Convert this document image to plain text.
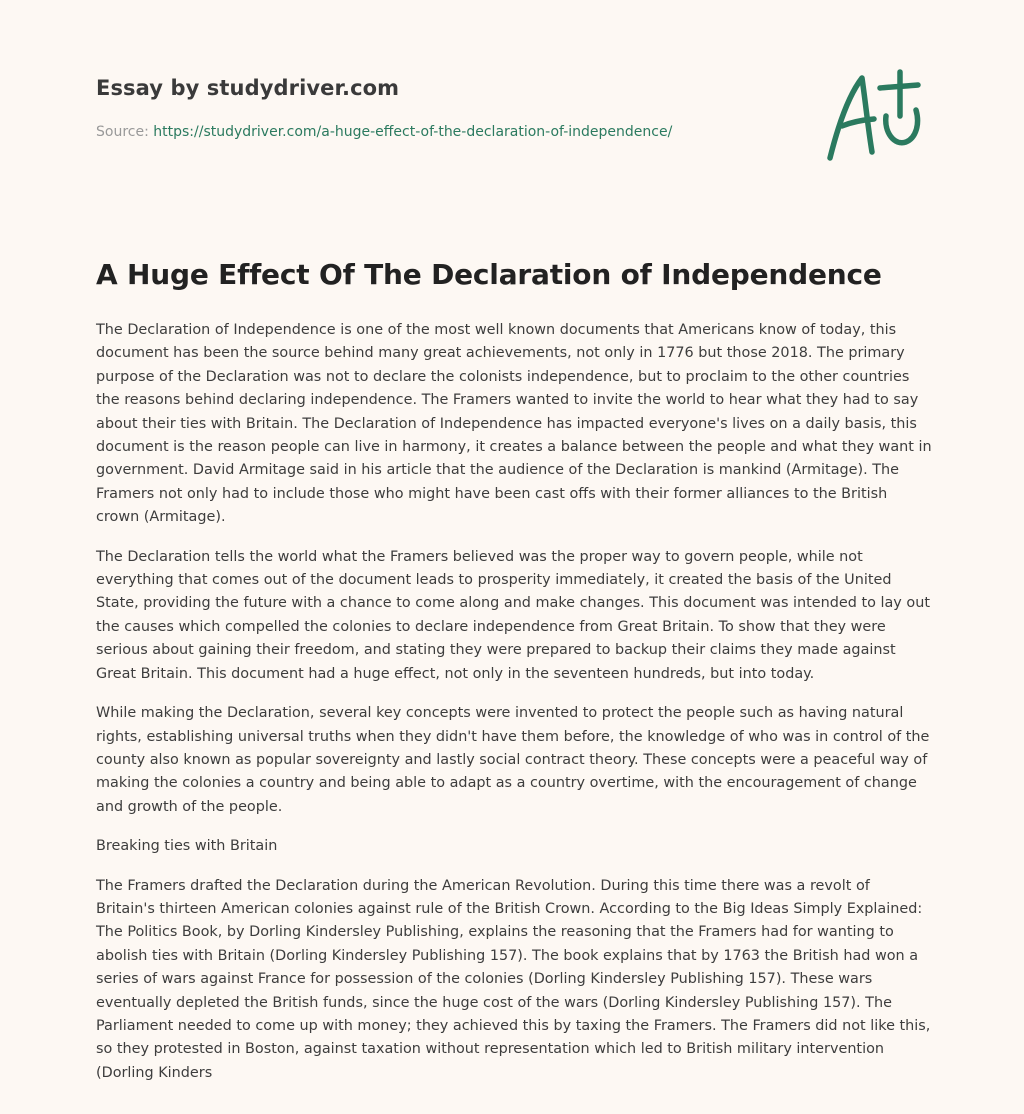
Essay by studydriver.com
Source: https://studydriver.com/a-huge-effect-of-the-declaration-of-independence/
A Huge Effect Of The Declaration of Independence

The Declaration of Independence is one of the most well known documents that Americans know of today, this document has been the source behind many great achievements, not only in 1776 but those 2018. The primary purpose of the Declaration was not to declare the colonists independence, but to proclaim to the other countries the reasons behind declaring independence. The Framers wanted to invite the world to hear what they had to say about their ties with Britain. The Declaration of Independence has impacted everyone's lives on a daily basis, this document is the reason people can live in harmony, it creates a balance between the people and what they want in government. David Armitage said in his article that the audience of the Declaration is mankind (Armitage). The Framers not only had to include those who might have been cast offs with their former alliances to the British crown (Armitage).

The Declaration tells the world what the Framers believed was the proper way to govern people, while not everything that comes out of the document leads to prosperity immediately, it created the basis of the United State, providing the future with a chance to come along and make changes. This document was intended to lay out the causes which compelled the colonies to declare independence from Great Britain. To show that they were serious about gaining their freedom, and stating they were prepared to backup their claims they made against Great Britain. This document had a huge effect, not only in the seventeen hundreds, but into today.

While making the Declaration, several key concepts were invented to protect the people such as having natural rights, establishing universal truths when they didn't have them before, the knowledge of who was in control of the county also known as popular sovereignty and lastly social contract theory. These concepts were a peaceful way of making the colonies a country and being able to adapt as a country overtime, with the encouragement of change and growth of the people.

Breaking ties with Britain

The Framers drafted the Declaration during the American Revolution. During this time there was a revolt of Britain's thirteen American colonies against rule of the British Crown. According to the Big Ideas Simply Explained: The Politics Book, by Dorling Kindersley Publishing, explains the reasoning that the Framers had for wanting to abolish ties with Britain (Dorling Kindersley Publishing 157). The book explains that by 1763 the British had won a series of wars against France for possession of the colonies (Dorling Kindersley Publishing 157). These wars eventually depleted the British funds, since the huge cost of the wars (Dorling Kindersley Publishing 157). The Parliament needed to come up with money; they achieved this by taxing the Framers. The Framers did not like this, so they protested in Boston, against taxation without representation which led to British military intervention (Dorling Kinders
